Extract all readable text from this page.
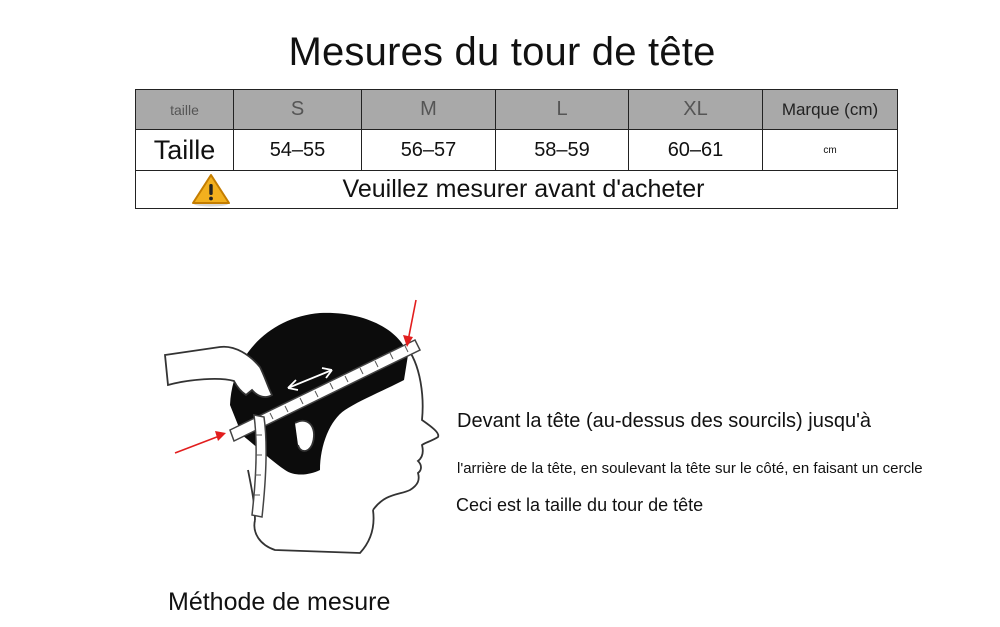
Mesures du tour de tête
taille	S	M	L	XL	Marque (cm)
Taille	54–55	56–57	58–59	60–61	cm

Veuillez mesurer avant d'acheter					
Devant la tête (au-dessus des sourcils) jusqu'à
l'arrière de la tête, en soulevant la tête sur le côté, en faisant un cercle
Ceci est la taille du tour de tête
Méthode de mesure
